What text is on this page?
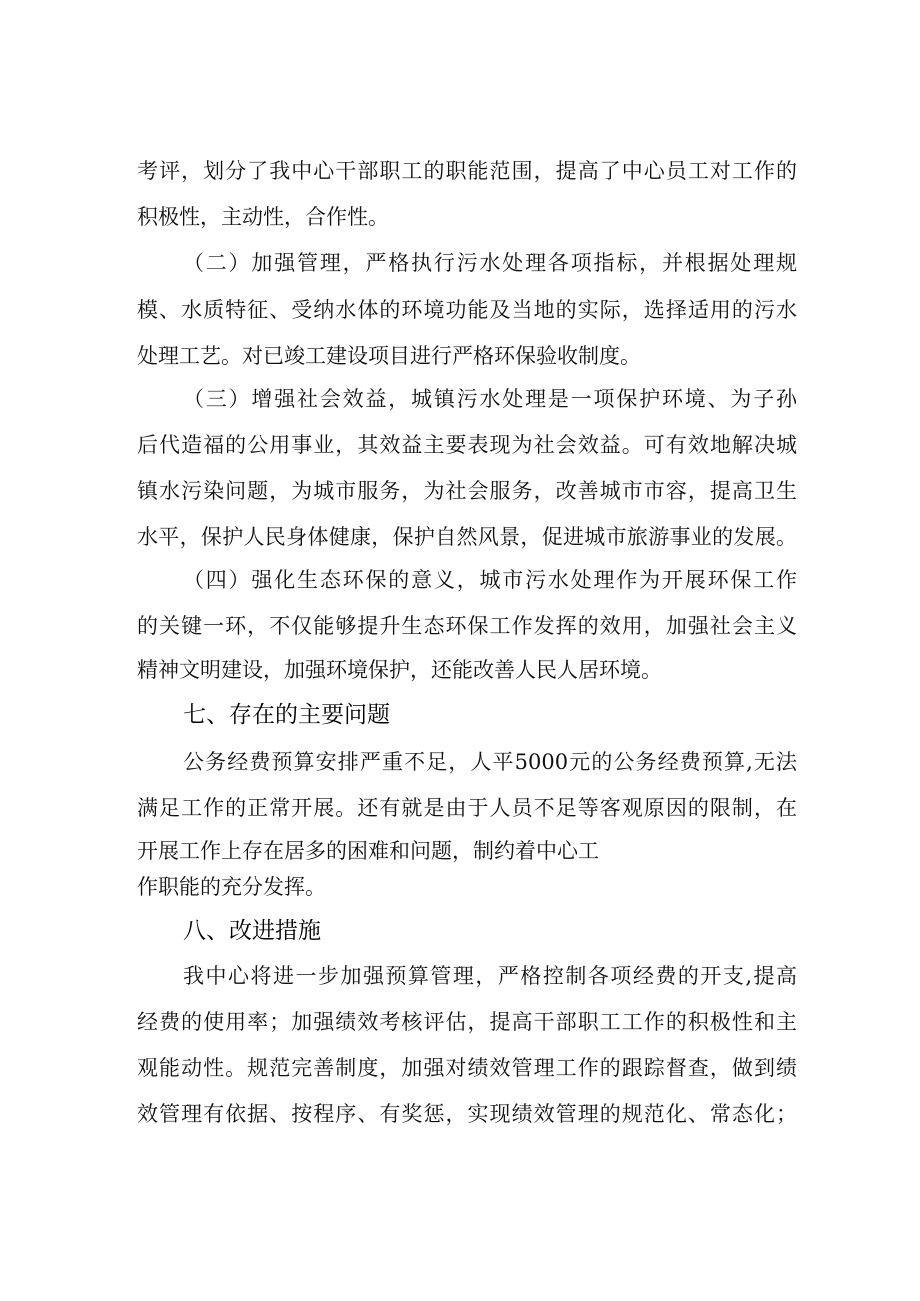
考评，划分了我中心干部职工的职能范围，提高了中心员工对工作的
积极性，主动性，合作性。
（二）加强管理，严格执行污水处理各项指标，并根据处理规
模、水质特征、受纳水体的环境功能及当地的实际，选择适用的污水
处理工艺。对已竣工建设项目进行严格环保验收制度。
（三）增强社会效益，城镇污水处理是一项保护环境、为子孙
后代造福的公用事业，其效益主要表现为社会效益。可有效地解决城
镇水污染问题，为城市服务，为社会服务，改善城市市容，提高卫生
水平，保护人民身体健康，保护自然风景，促进城市旅游事业的发展。
（四）强化生态环保的意义，城市污水处理作为开展环保工作
的关键一环，不仅能够提升生态环保工作发挥的效用，加强社会主义
精神文明建设，加强环境保护，还能改善人民人居环境。
七、存在的主要问题
公务经费预算安排严重不足，人平5000元的公务经费预算,无法
满足工作的正常开展。还有就是由于人员不足等客观原因的限制，在
开展工作上存在居多的困难和问题，制约着中心工
作职能的充分发挥。
八、改进措施
我中心将进一步加强预算管理，严格控制各项经费的开支,提高
经费的使用率；加强绩效考核评估，提高干部职工工作的积极性和主
观能动性。规范完善制度，加强对绩效管理工作的跟踪督查，做到绩
效管理有依据、按程序、有奖惩，实现绩效管理的规范化、常态化；
